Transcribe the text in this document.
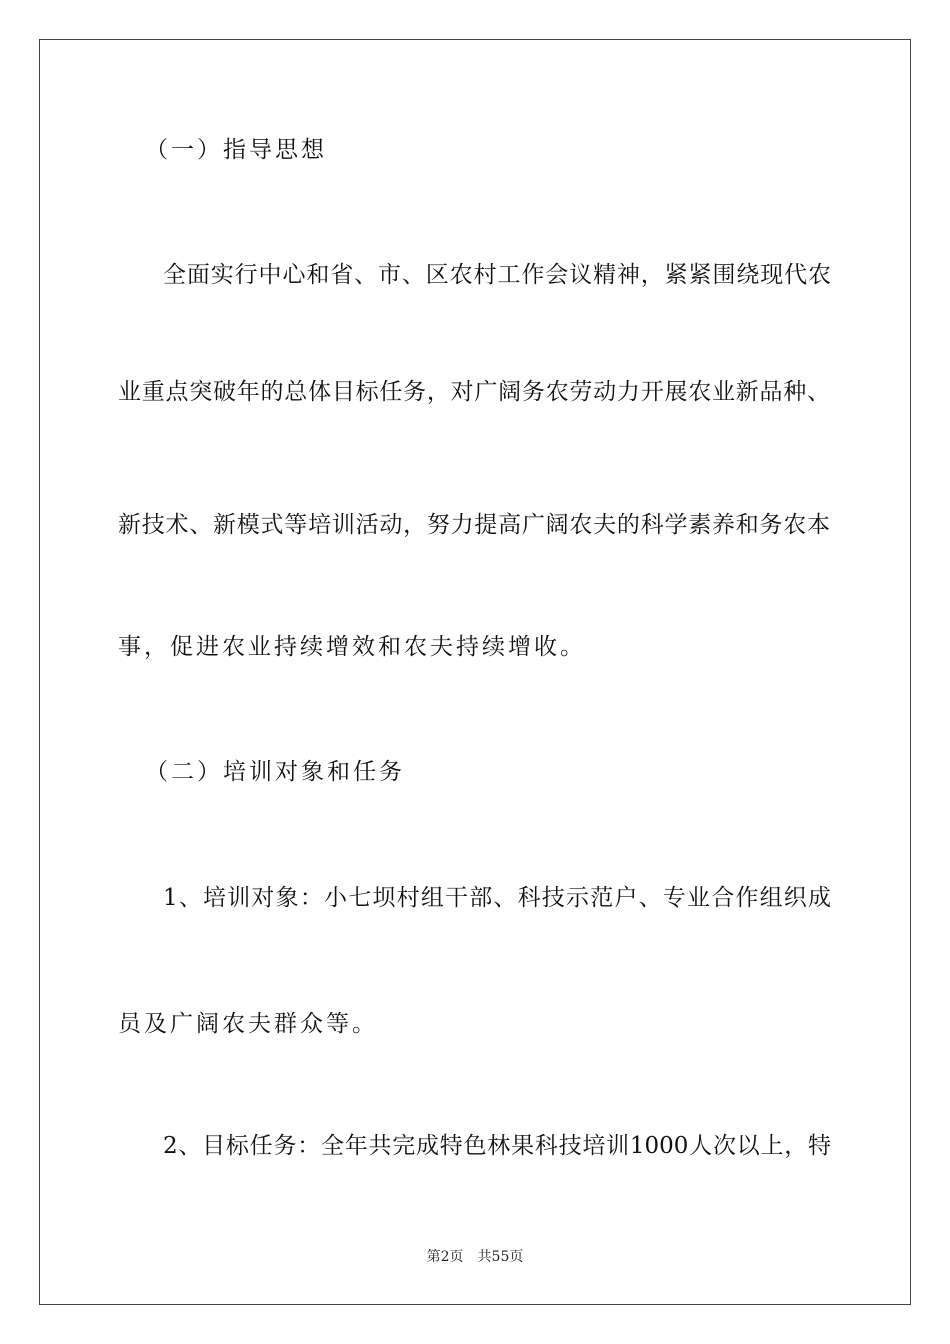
（一）指导思想
全面实行中心和省、市、区农村工作会议精神，紧紧围绕现代农
业重点突破年的总体目标任务，对广阔务农劳动力开展农业新品种、
新技术、新模式等培训活动，努力提高广阔农夫的科学素养和务农本
事，促进农业持续增效和农夫持续增收。
（二）培训对象和任务
1、培训对象：小七坝村组干部、科技示范户、专业合作组织成
员及广阔农夫群众等。
2、目标任务：全年共完成特色林果科技培训1000人次以上，特
第2页 共55页
